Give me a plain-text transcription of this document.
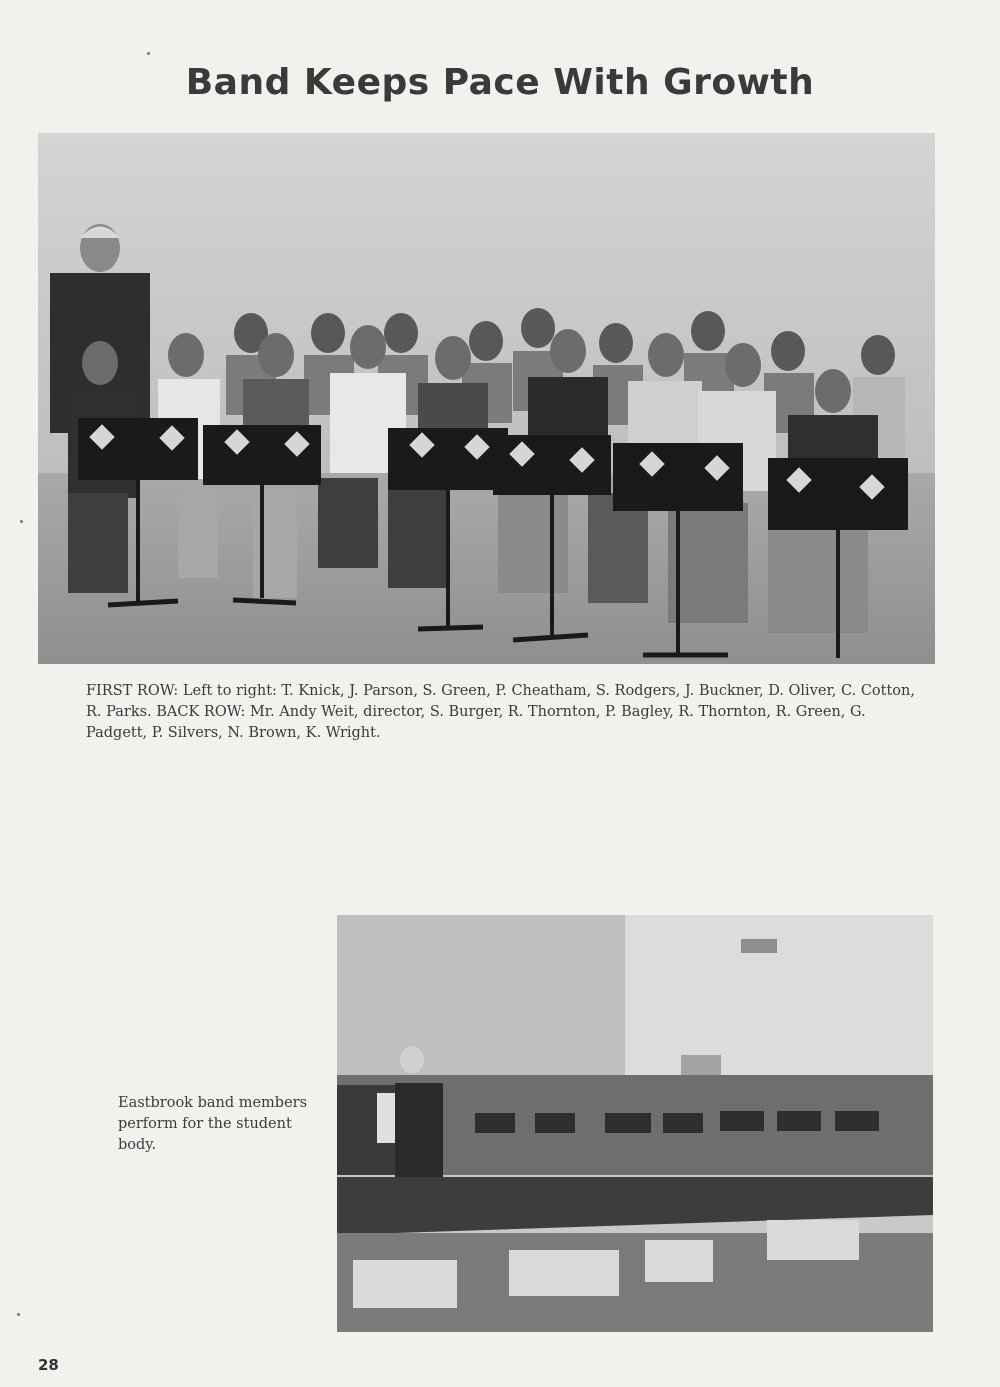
Band Keeps Pace With Growth
FIRST ROW: Left to right: T. Knick, J. Parson, S. Green, P. Cheatham, S. Rodgers, J. Buckner, D. Oliver, C. Cotton, R. Parks. BACK ROW: Mr. Andy Weit, director, S. Burger, R. Thornton, P. Bagley, R. Thornton, R. Green, G. Padgett, P. Silvers, N. Brown, K. Wright.
Eastbrook band members perform for the student body.
28
